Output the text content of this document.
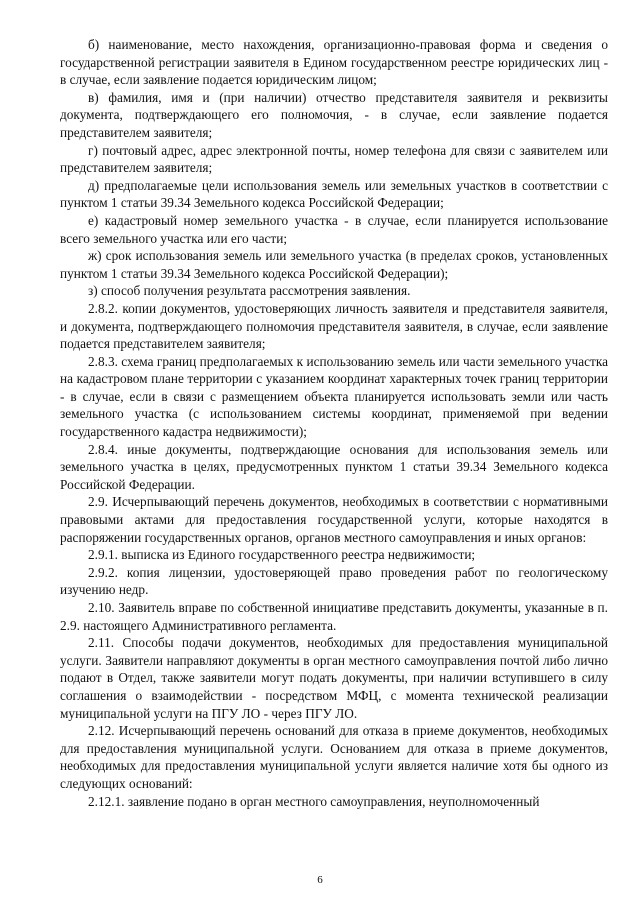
б) наименование, место нахождения, организационно-правовая форма и сведения о государственной регистрации заявителя в Едином государственном реестре юридических лиц - в случае, если заявление подается юридическим лицом;

в) фамилия, имя и (при наличии) отчество представителя заявителя и реквизиты документа, подтверждающего его полномочия, - в случае, если заявление подается представителем заявителя;

г) почтовый адрес, адрес электронной почты, номер телефона для связи с заявителем или представителем заявителя;

д) предполагаемые цели использования земель или земельных участков в соответствии с пунктом 1 статьи 39.34 Земельного кодекса Российской Федерации;

е) кадастровый номер земельного участка - в случае, если планируется использование всего земельного участка или его части;

ж) срок использования земель или земельного участка (в пределах сроков, установленных пунктом 1 статьи 39.34 Земельного кодекса Российской Федерации);

з) способ получения результата рассмотрения заявления.

2.8.2. копии документов, удостоверяющих личность заявителя и представителя заявителя, и документа, подтверждающего полномочия представителя заявителя, в случае, если заявление подается представителем заявителя;

2.8.3. схема границ предполагаемых к использованию земель или части земельного участка на кадастровом плане территории с указанием координат характерных точек границ территории - в случае, если в связи с размещением объекта планируется использовать земли или часть земельного участка (с использованием системы координат, применяемой при ведении государственного кадастра недвижимости);

2.8.4. иные документы, подтверждающие основания для использования земель или земельного участка в целях, предусмотренных пунктом 1 статьи 39.34 Земельного кодекса Российской Федерации.

2.9. Исчерпывающий перечень документов, необходимых в соответствии с нормативными правовыми актами для предоставления государственной услуги, которые находятся в распоряжении государственных органов, органов местного самоуправления и иных органов:

2.9.1. выписка из Единого государственного реестра недвижимости;

2.9.2. копия лицензии, удостоверяющей право проведения работ по геологическому изучению недр.

2.10. Заявитель вправе по собственной инициативе представить документы, указанные в п. 2.9. настоящего Административного регламента.

2.11. Способы подачи документов, необходимых для предоставления муниципальной услуги. Заявители направляют документы в орган местного самоуправления почтой либо лично подают в Отдел, также заявители могут подать документы, при наличии вступившего в силу соглашения о взаимодействии - посредством МФЦ, с момента технической реализации муниципальной услуги на ПГУ ЛО - через ПГУ ЛО.

2.12. Исчерпывающий перечень оснований для отказа в приеме документов, необходимых для предоставления муниципальной услуги. Основанием для отказа в приеме документов, необходимых для предоставления муниципальной услуги является наличие хотя бы одного из следующих оснований:

2.12.1. заявление подано в орган местного самоуправления, неуполномоченный

6
